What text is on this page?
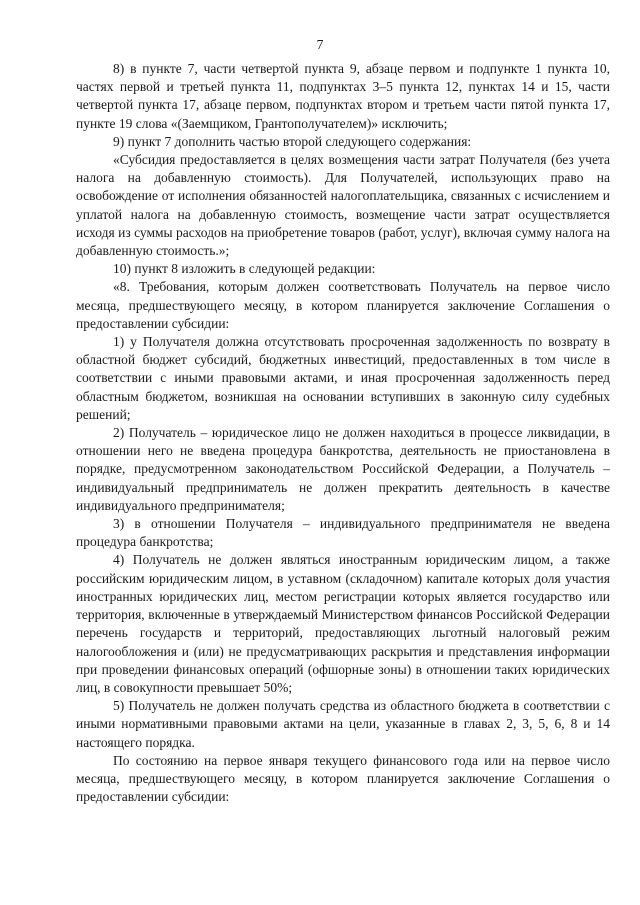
7

8) в пункте 7, части четвертой пункта 9, абзаце первом и подпункте 1 пункта 10, частях первой и третьей пункта 11, подпунктах 3–5 пункта 12, пунктах 14 и 15, части четвертой пункта 17, абзаце первом, подпунктах втором и третьем части пятой пункта 17, пункте 19 слова «(Заемщиком, Грантополучателем)» исключить;

9) пункт 7 дополнить частью второй следующего содержания:

«Субсидия предоставляется в целях возмещения части затрат Получателя (без учета налога на добавленную стоимость). Для Получателей, использующих право на освобождение от исполнения обязанностей налогоплательщика, связанных с исчислением и уплатой налога на добавленную стоимость, возмещение части затрат осуществляется исходя из суммы расходов на приобретение товаров (работ, услуг), включая сумму налога на добавленную стоимость.»;

10) пункт 8 изложить в следующей редакции:

«8. Требования, которым должен соответствовать Получатель на первое число месяца, предшествующего месяцу, в котором планируется заключение Соглашения о предоставлении субсидии:

1) у Получателя должна отсутствовать просроченная задолженность по возврату в областной бюджет субсидий, бюджетных инвестиций, предоставленных в том числе в соответствии с иными правовыми актами, и иная просроченная задолженность перед областным бюджетом, возникшая на основании вступивших в законную силу судебных решений;

2) Получатель – юридическое лицо не должен находиться в процессе ликвидации, в отношении него не введена процедура банкротства, деятельность не приостановлена в порядке, предусмотренном законодательством Российской Федерации, а Получатель – индивидуальный предприниматель не должен прекратить деятельность в качестве индивидуального предпринимателя;

3) в отношении Получателя – индивидуального предпринимателя не введена процедура банкротства;

4) Получатель не должен являться иностранным юридическим лицом, а также российским юридическим лицом, в уставном (складочном) капитале которых доля участия иностранных юридических лиц, местом регистрации которых является государство или территория, включенные в утверждаемый Министерством финансов Российской Федерации перечень государств и территорий, предоставляющих льготный налоговый режим налогообложения и (или) не предусматривающих раскрытия и представления информации при проведении финансовых операций (офшорные зоны) в отношении таких юридических лиц, в совокупности превышает 50%;

5) Получатель не должен получать средства из областного бюджета в соответствии с иными нормативными правовыми актами на цели, указанные в главах 2, 3, 5, 6, 8 и 14 настоящего порядка.

По состоянию на первое января текущего финансового года или на первое число месяца, предшествующего месяцу, в котором планируется заключение Соглашения о предоставлении субсидии:
